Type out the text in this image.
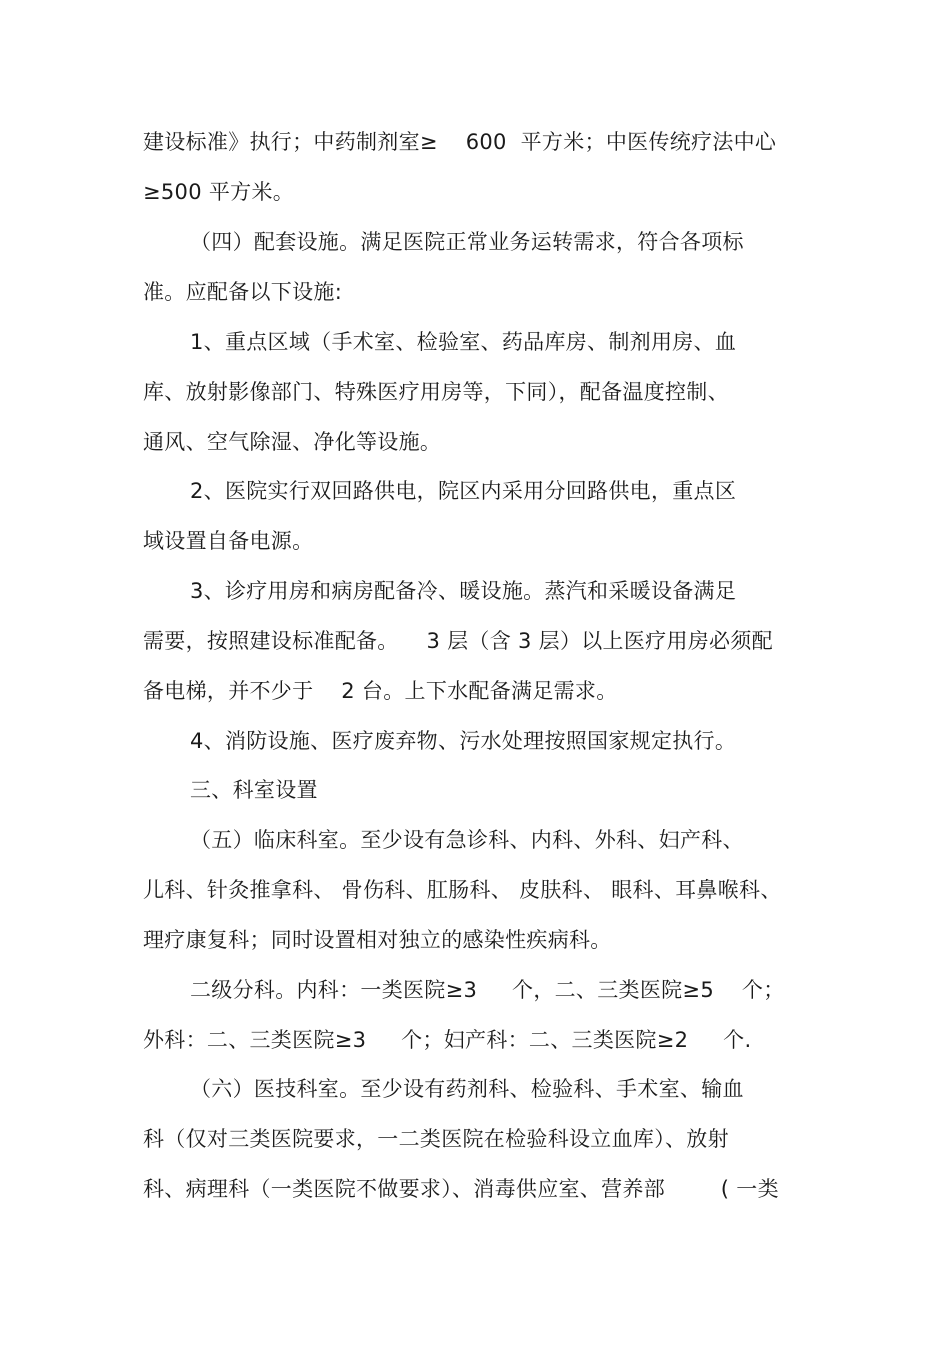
建设标准》执行；中药制剂室≥    600  平方米；中医传统疗法中心
≥500 平方米。
（四）配套设施。满足医院正常业务运转需求，符合各项标
准。应配备以下设施:
1、重点区域（手术室、检验室、药品库房、制剂用房、血
库、放射影像部门、特殊医疗用房等，下同），配备温度控制、
通风、空气除湿、净化等设施。
2、医院实行双回路供电，院区内采用分回路供电，重点区
域设置自备电源。
3、诊疗用房和病房配备冷、暖设施。蒸汽和采暖设备满足
需要，按照建设标准配备。    3 层（含 3 层）以上医疗用房必须配
备电梯，并不少于    2 台。上下水配备满足需求。
4、消防设施、医疗废弃物、污水处理按照国家规定执行。
三、科室设置
（五）临床科室。至少设有急诊科、内科、外科、妇产科、
儿科、针灸推拿科、 骨伤科、肛肠科、 皮肤科、 眼科、耳鼻喉科、
理疗康复科；同时设置相对独立的感染性疾病科。
二级分科。内科：一类医院≥3     个，二、三类医院≥5    个；
外科：二、三类医院≥3     个；妇产科：二、三类医院≥2     个.
（六）医技科室。至少设有药剂科、检验科、手术室、输血
科（仅对三类医院要求，一二类医院在检验科设立血库）、放射
科、病理科（一类医院不做要求）、消毒供应室、营养部        ( 一类
